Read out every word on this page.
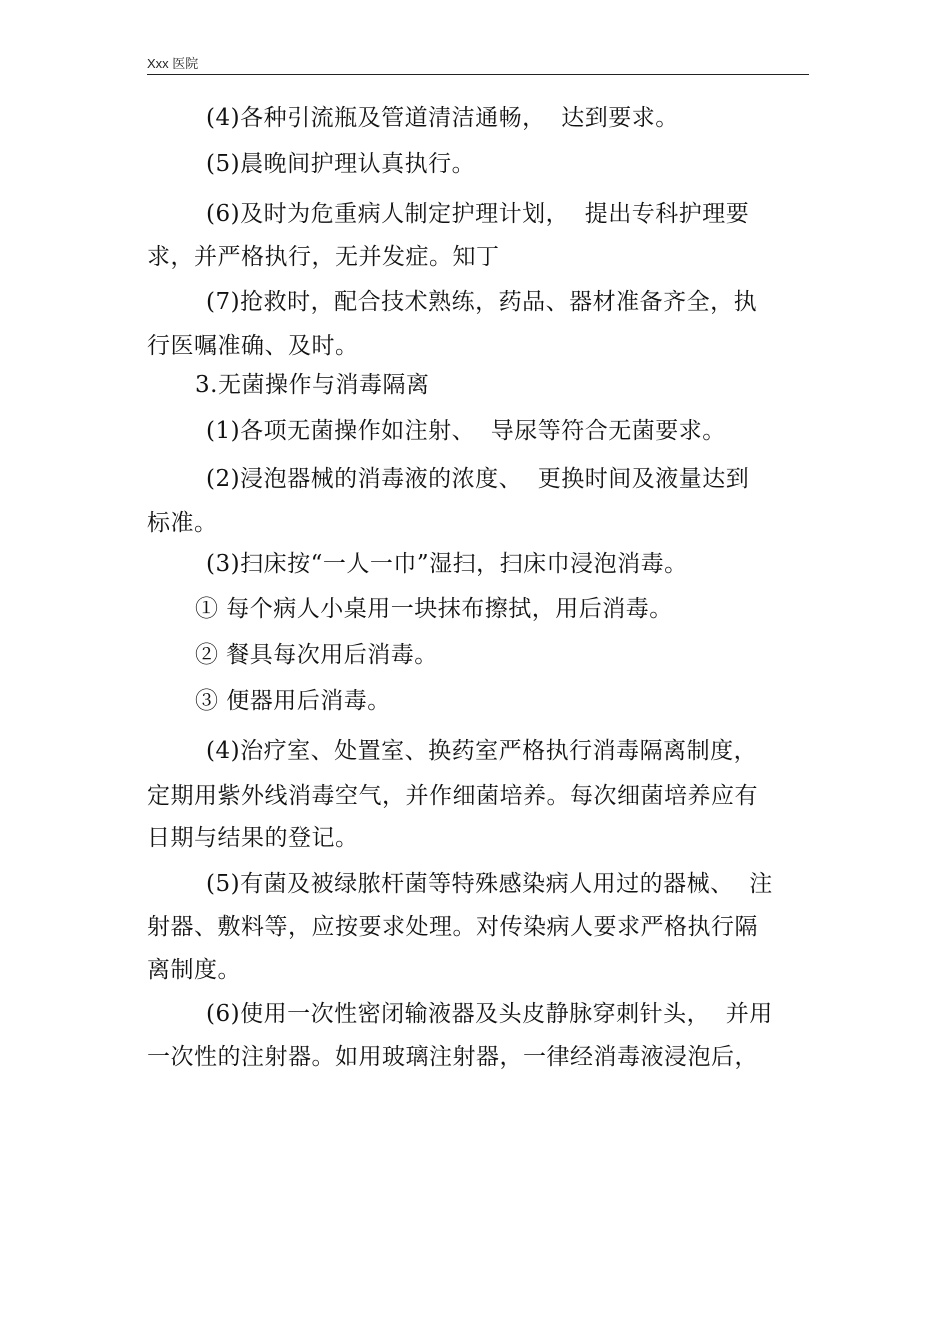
Xxx 医院
(4)各种引流瓶及管道清洁通畅，  达到要求。
(5)晨晚间护理认真执行。
(6)及时为危重病人制定护理计划，  提出专科护理要
求，并严格执行，无并发症。知丁
(7)抢救时，配合技术熟练，药品、器材准备齐全，执
行医嘱准确、及时。
3.无菌操作与消毒隔离
(1)各项无菌操作如注射、  导尿等符合无菌要求。
(2)浸泡器械的消毒液的浓度、  更换时间及液量达到
标准。
(3)扫床按“一人一巾”湿扫，扫床巾浸泡消毒。
① 每个病人小桌用一块抹布擦拭，用后消毒。
② 餐具每次用后消毒。
③ 便器用后消毒。
(4)治疗室、处置室、换药室严格执行消毒隔离制度，
定期用紫外线消毒空气，并作细菌培养。每次细菌培养应有
日期与结果的登记。
(5)有菌及被绿脓杆菌等特殊感染病人用过的器械、  注
射器、敷料等，应按要求处理。对传染病人要求严格执行隔
离制度。
(6)使用一次性密闭输液器及头皮静脉穿刺针头，  并用
一次性的注射器。如用玻璃注射器，一律经消毒液浸泡后，
